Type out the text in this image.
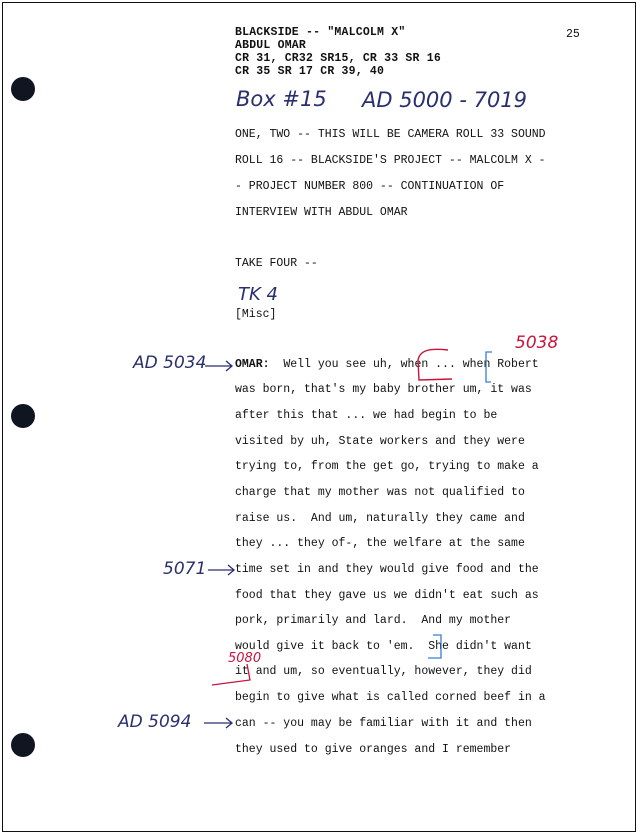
BLACKSIDE -- "MALCOLM X"
ABDUL OMAR
CR 31, CR32 SR15, CR 33 SR 16
CR 35 SR 17 CR 39, 40
25
Box #15 AD 5000 - 7019
ONE, TWO -- THIS WILL BE CAMERA ROLL 33 SOUND
ROLL 16 -- BLACKSIDE'S PROJECT -- MALCOLM X -
- PROJECT NUMBER 800 -- CONTINUATION OF
INTERVIEW WITH ABDUL OMAR
TAKE FOUR --
TK 4
[Misc]
OMAR:  Well you see uh, when ... when Robert
was born, that's my baby brother um, it was
after this that ... we had begin to be
visited by uh, State workers and they were
trying to, from the get go, trying to make a
charge that my mother was not qualified to
raise us.  And um, naturally they came and
they ... they of-, the welfare at the same
time set in and they would give food and the
food that they gave us we didn't eat such as
pork, primarily and lard.  And my mother
would give it back to 'em.  She didn't want
it and um, so eventually, however, they did
begin to give what is called corned beef in a
can -- you may be familiar with it and then
they used to give oranges and I remember
AD 5034
5038
5071
5080
AD 5094
